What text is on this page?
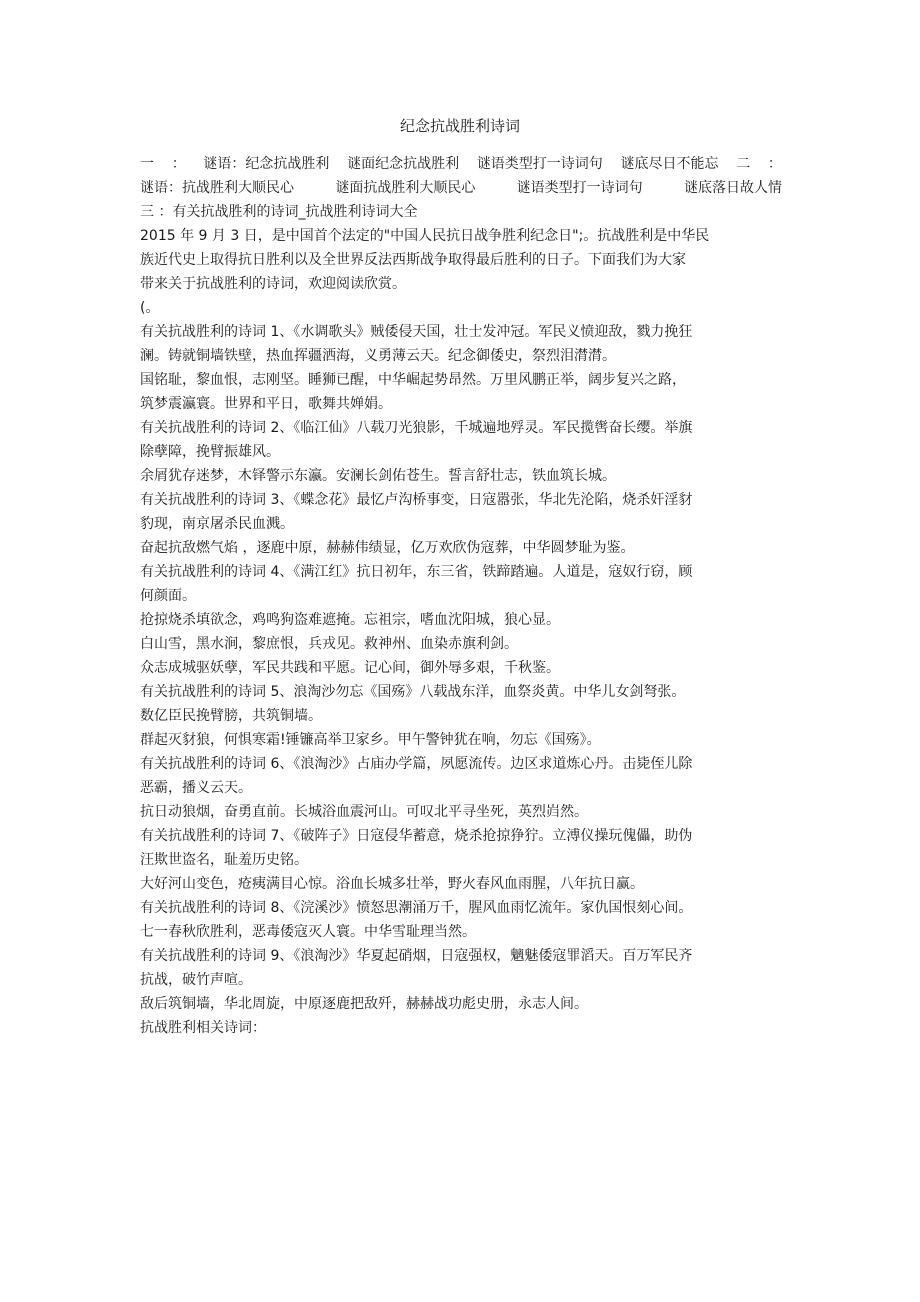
纪念抗战胜利诗词
一 ： 谜语：纪念抗战胜利 谜面纪念抗战胜利 谜语类型打一诗词句 谜底尽日不能忘 二 ：
谜语：抗战胜利大顺民心	谜面抗战胜利大顺民心	谜语类型打一诗词句	谜底落日故人情
三 ：有关抗战胜利的诗词_抗战胜利诗词大全
2015 年 9 月 3 日，是中国首个法定的"中国人民抗日战争胜利纪念日";。抗战胜利是中华民
族近代史上取得抗日胜利以及全世界反法西斯战争取得最后胜利的日子。下面我们为大家
带来关于抗战胜利的诗词，欢迎阅读欣赏。
(。
有关抗战胜利的诗词 1、《水调歌头》贼倭侵天国，壮士发冲冠。军民义愤迎敌，戮力挽狂
澜。铸就铜墙铁壁，热血挥疆洒海，义勇薄云天。纪念御倭史，祭烈泪潸潸。
国铭耻，黎血恨，志刚坚。睡狮已醒，中华崛起势昂然。万里风鹏正举，阔步复兴之路，
筑梦震瀛寰。世界和平日，歌舞共婵娟。
有关抗战胜利的诗词 2、《临江仙》八载刀光狼影，千城遍地殍灵。军民揽辔奋长缨。举旗
除孽障，挽臂振雄风。
余屑犹存迷梦，木铎警示东瀛。安澜长剑佑苍生。誓言舒壮志，铁血筑长城。
有关抗战胜利的诗词 3、《蝶念花》最忆卢沟桥事变，日寇嚣张，华北先沦陷，烧杀奸淫豺
豹现，南京屠杀民血溅。
奋起抗敌燃气焰 ，逐鹿中原，赫赫伟绩显，亿万欢欣伪寇葬，中华圆梦耻为鉴。
有关抗战胜利的诗词 4、《满江红》抗日初年，东三省，铁蹄踏遍。人道是，寇奴行窃，顾
何颜面。
抢掠烧杀填欲念，鸡鸣狗盗难遮掩。忘祖宗，嗜血沈阳城，狼心显。
白山雪，黑水涧，黎庶恨，兵戎见。救神州、血染赤旗利剑。
众志成城驱妖孽，军民共践和平愿。记心间，御外辱多艰，千秋鉴。
有关抗战胜利的诗词 5、浪淘沙勿忘《国殇》八载战东洋，血祭炎黄。中华儿女剑弩张。
数亿臣民挽臂膀，共筑铜墙。
群起灭豺狼，何惧寒霜!锤镰高举卫家乡。甲午警钟犹在响，勿忘《国殇》。
有关抗战胜利的诗词 6、《浪淘沙》占庙办学篇，夙愿流传。边区求道炼心丹。击毙侄儿除
恶霸，播义云天。
抗日动狼烟，奋勇直前。长城浴血震河山。可叹北平寻坐死，英烈岿然。
有关抗战胜利的诗词 7、《破阵子》日寇侵华蓄意，烧杀抢掠狰狞。立溥仪操玩傀儡，助伪
汪欺世盗名，耻羞历史铭。
大好河山变色，疮痍满目心惊。浴血长城多壮举，野火春风血雨腥，八年抗日赢。
有关抗战胜利的诗词 8、《浣溪沙》愤怒思潮涌万千，腥风血雨忆流年。家仇国恨刻心间。
七一春秋欣胜利，恶毒倭寇灭人寰。中华雪耻理当然。
有关抗战胜利的诗词 9、《浪淘沙》华夏起硝烟，日寇强权，魑魅倭寇罪滔天。百万军民齐
抗战，破竹声喧。
敌后筑铜墙，华北周旋，中原逐鹿把敌歼，赫赫战功彪史册，永志人间。
抗战胜利相关诗词：
